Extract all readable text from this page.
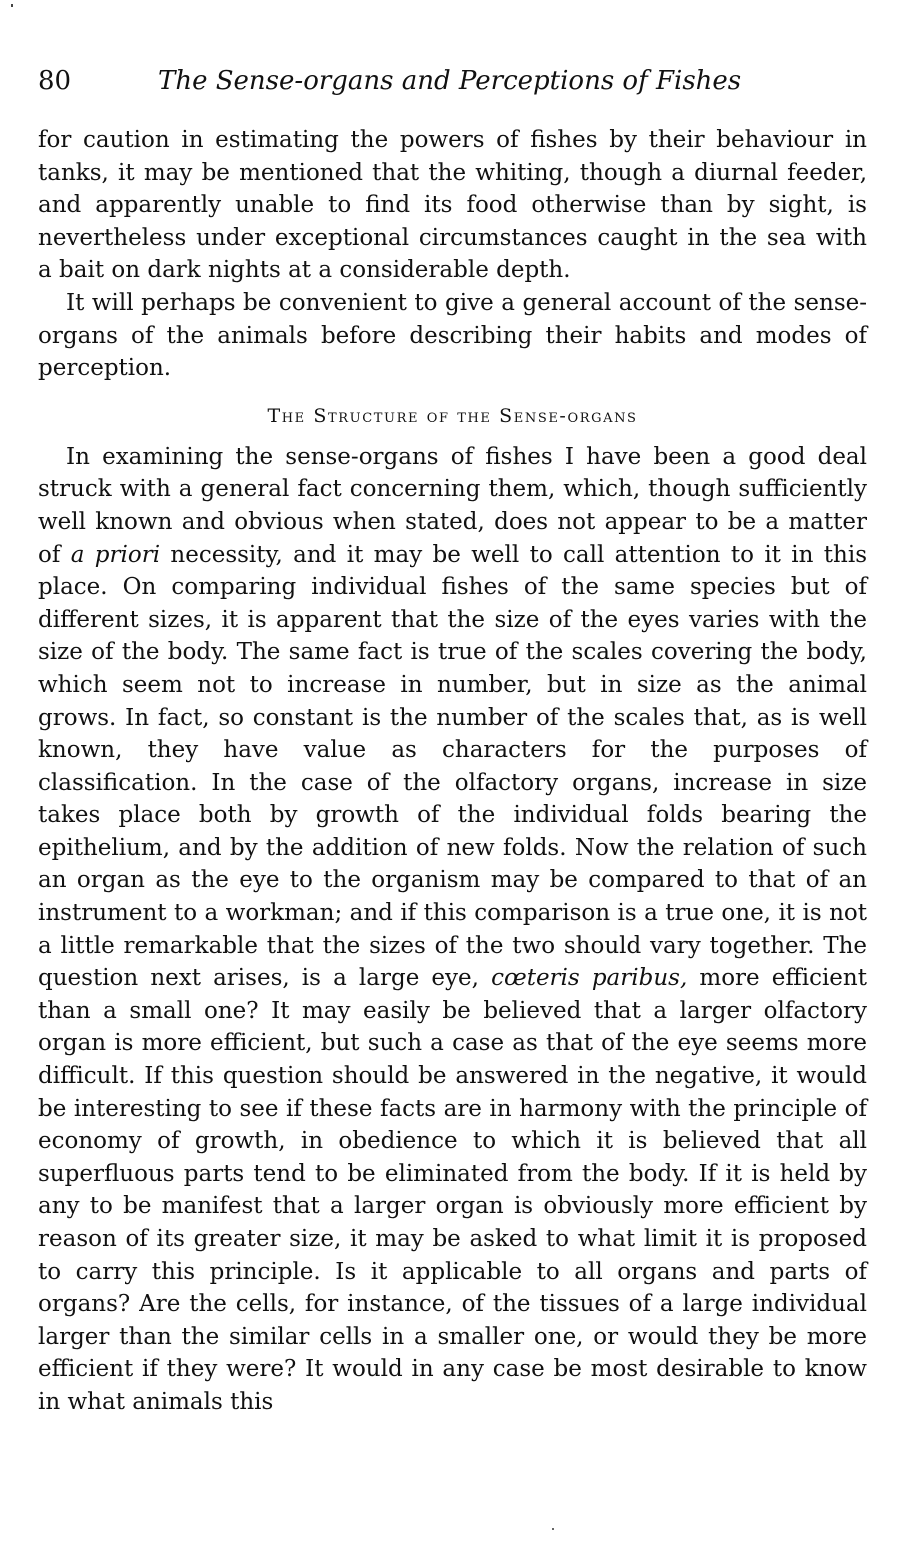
80	The Sense-organs and Perceptions of Fishes

for caution in estimating the powers of fishes by their behaviour in tanks, it may be mentioned that the whiting, though a diurnal feeder, and apparently unable to find its food otherwise than by sight, is nevertheless under exceptional circumstances caught in the sea with a bait on dark nights at a considerable depth.

It will perhaps be convenient to give a general account of the sense-organs of the animals before describing their habits and modes of perception.

The Structure of the Sense-organs

In examining the sense-organs of fishes I have been a good deal struck with a general fact concerning them, which, though sufficiently well known and obvious when stated, does not appear to be a matter of a priori necessity, and it may be well to call attention to it in this place. On comparing individual fishes of the same species but of different sizes, it is apparent that the size of the eyes varies with the size of the body. The same fact is true of the scales covering the body, which seem not to increase in number, but in size as the animal grows. In fact, so constant is the number of the scales that, as is well known, they have value as characters for the purposes of classification. In the case of the olfactory organs, increase in size takes place both by growth of the individual folds bearing the epithelium, and by the addition of new folds. Now the relation of such an organ as the eye to the organism may be compared to that of an instrument to a workman; and if this comparison is a true one, it is not a little remarkable that the sizes of the two should vary together. The question next arises, is a large eye, cœteris paribus, more efficient than a small one? It may easily be believed that a larger olfactory organ is more efficient, but such a case as that of the eye seems more difficult. If this question should be answered in the negative, it would be interesting to see if these facts are in harmony with the principle of economy of growth, in obedience to which it is believed that all superfluous parts tend to be eliminated from the body. If it is held by any to be manifest that a larger organ is obviously more efficient by reason of its greater size, it may be asked to what limit it is proposed to carry this principle. Is it applicable to all organs and parts of organs? Are the cells, for instance, of the tissues of a large individual larger than the similar cells in a smaller one, or would they be more efficient if they were? It would in any case be most desirable to know in what animals this
